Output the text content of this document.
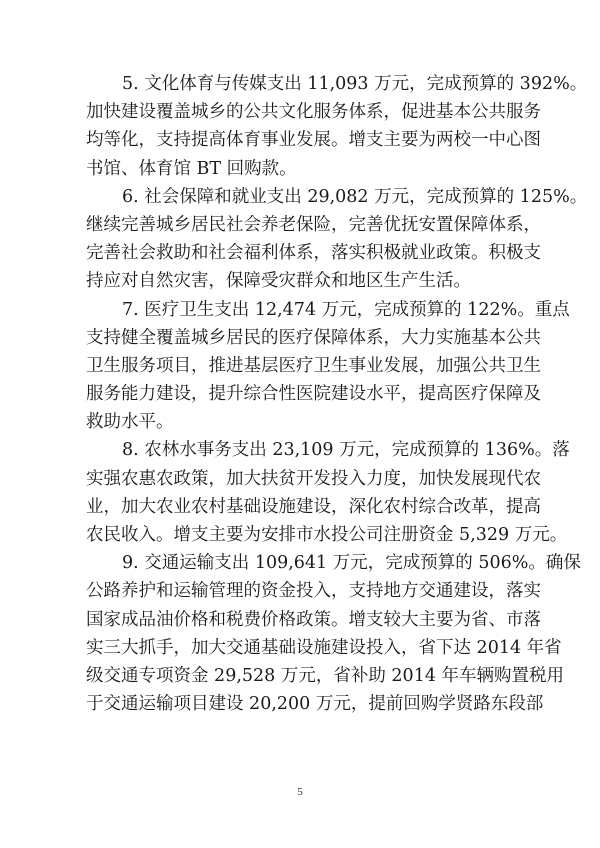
5. 文化体育与传媒支出 11,093 万元，完成预算的 392%。
加快建设覆盖城乡的公共文化服务体系，促进基本公共服务
均等化，支持提高体育事业发展。增支主要为两校一中心图
书馆、体育馆 BT 回购款。

6. 社会保障和就业支出 29,082 万元，完成预算的 125%。
继续完善城乡居民社会养老保险，完善优抚安置保障体系，
完善社会救助和社会福利体系，落实积极就业政策。积极支
持应对自然灾害，保障受灾群众和地区生产生活。

7. 医疗卫生支出 12,474 万元，完成预算的 122%。重点
支持健全覆盖城乡居民的医疗保障体系，大力实施基本公共
卫生服务项目，推进基层医疗卫生事业发展，加强公共卫生
服务能力建设，提升综合性医院建设水平，提高医疗保障及
救助水平。

8. 农林水事务支出 23,109 万元，完成预算的 136%。落
实强农惠农政策，加大扶贫开发投入力度，加快发展现代农
业，加大农业农村基础设施建设，深化农村综合改革，提高
农民收入。增支主要为安排市水投公司注册资金 5,329 万元。

9. 交通运输支出 109,641 万元，完成预算的 506%。确保
公路养护和运输管理的资金投入，支持地方交通建设，落实
国家成品油价格和税费价格政策。增支较大主要为省、市落
实三大抓手，加大交通基础设施建设投入，省下达 2014 年省
级交通专项资金 29,528 万元，省补助 2014 年车辆购置税用
于交通运输项目建设 20,200 万元，提前回购学贤路东段部

5
